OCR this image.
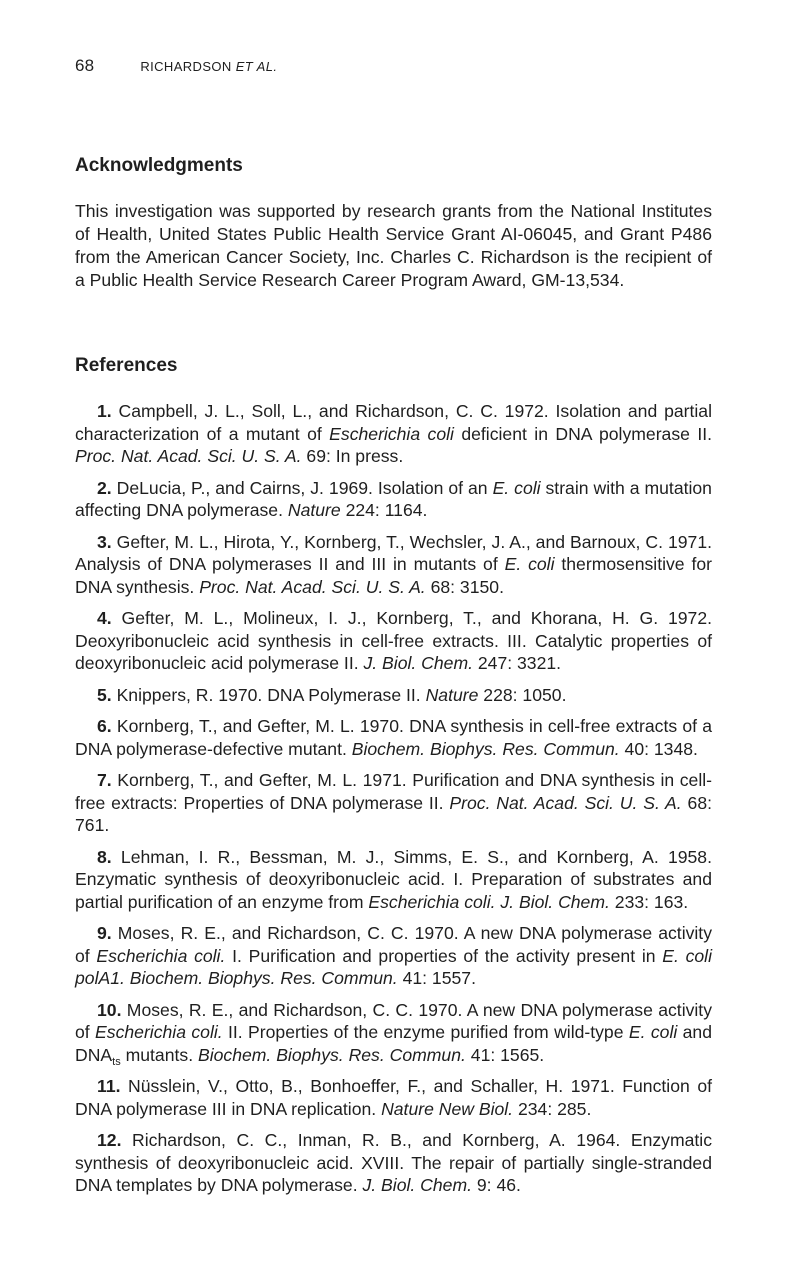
68	RICHARDSON ET AL.
Acknowledgments

This investigation was supported by research grants from the National Institutes of Health, United States Public Health Service Grant AI-06045, and Grant P486 from the American Cancer Society, Inc. Charles C. Richardson is the recipient of a Public Health Service Research Career Program Award, GM-13,534.

References
1. Campbell, J. L., Soll, L., and Richardson, C. C. 1972. Isolation and partial characterization of a mutant of Escherichia coli deficient in DNA polymerase II. Proc. Nat. Acad. Sci. U. S. A. 69: In press.
2. DeLucia, P., and Cairns, J. 1969. Isolation of an E. coli strain with a mutation affecting DNA polymerase. Nature 224: 1164.
3. Gefter, M. L., Hirota, Y., Kornberg, T., Wechsler, J. A., and Barnoux, C. 1971. Analysis of DNA polymerases II and III in mutants of E. coli thermosensitive for DNA synthesis. Proc. Nat. Acad. Sci. U. S. A. 68: 3150.
4. Gefter, M. L., Molineux, I. J., Kornberg, T., and Khorana, H. G. 1972. Deoxyribonucleic acid synthesis in cell-free extracts. III. Catalytic properties of deoxyribonucleic acid polymerase II. J. Biol. Chem. 247: 3321.
5. Knippers, R. 1970. DNA Polymerase II. Nature 228: 1050.
6. Kornberg, T., and Gefter, M. L. 1970. DNA synthesis in cell-free extracts of a DNA polymerase-defective mutant. Biochem. Biophys. Res. Commun. 40: 1348.
7. Kornberg, T., and Gefter, M. L. 1971. Purification and DNA synthesis in cell-free extracts: Properties of DNA polymerase II. Proc. Nat. Acad. Sci. U. S. A. 68: 761.
8. Lehman, I. R., Bessman, M. J., Simms, E. S., and Kornberg, A. 1958. Enzymatic synthesis of deoxyribonucleic acid. I. Preparation of substrates and partial purification of an enzyme from Escherichia coli. J. Biol. Chem. 233: 163.
9. Moses, R. E., and Richardson, C. C. 1970. A new DNA polymerase activity of Escherichia coli. I. Purification and properties of the activity present in E. coli polA1. Biochem. Biophys. Res. Commun. 41: 1557.
10. Moses, R. E., and Richardson, C. C. 1970. A new DNA polymerase activity of Escherichia coli. II. Properties of the enzyme purified from wild-type E. coli and $DNA_{ts}$ mutants. Biochem. Biophys. Res. Commun. 41: 1565.
11. Nüsslein, V., Otto, B., Bonhoeffer, F., and Schaller, H. 1971. Function of DNA polymerase III in DNA replication. Nature New Biol. 234: 285.
12. Richardson, C. C., Inman, R. B., and Kornberg, A. 1964. Enzymatic synthesis of deoxyribonucleic acid. XVIII. The repair of partially single-stranded DNA templates by DNA polymerase. J. Biol. Chem. 9: 46.
